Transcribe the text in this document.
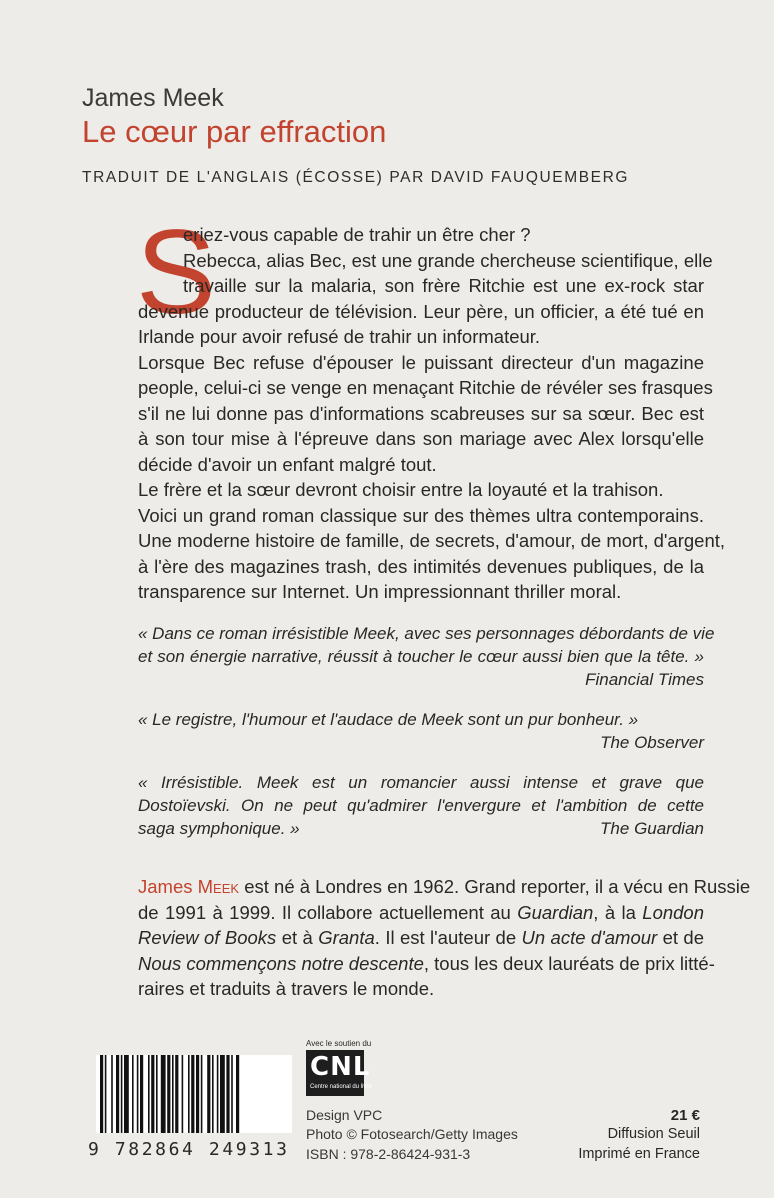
James Meek
Le cœur par effraction
TRADUIT DE L'ANGLAIS (ÉCOSSE) PAR DAVID FAUQUEMBERG
S
eriez-vous capable de trahir un être cher ?
Rebecca, alias Bec, est une grande chercheuse scientifique, elle
travaille sur la malaria, son frère Ritchie est une ex-rock star
devenue producteur de télévision. Leur père, un officier, a été tué en
Irlande pour avoir refusé de trahir un informateur.
Lorsque Bec refuse d'épouser le puissant directeur d'un magazine
people, celui-ci se venge en menaçant Ritchie de révéler ses frasques
s'il ne lui donne pas d'informations scabreuses sur sa sœur. Bec est
à son tour mise à l'épreuve dans son mariage avec Alex lorsqu'elle
décide d'avoir un enfant malgré tout.
Le frère et la sœur devront choisir entre la loyauté et la trahison.
Voici un grand roman classique sur des thèmes ultra contemporains.
Une moderne histoire de famille, de secrets, d'amour, de mort, d'argent,
à l'ère des magazines trash, des intimités devenues publiques, de la
transparence sur Internet. Un impressionnant thriller moral.
« Dans ce roman irrésistible Meek, avec ses personnages débordants de vie
et son énergie narrative, réussit à toucher le cœur aussi bien que la tête. »
Financial Times
« Le registre, l'humour et l'audace de Meek sont un pur bonheur. »
The Observer
« Irrésistible. Meek est un romancier aussi intense et grave que
Dostoïevski. On ne peut qu'admirer l'envergure et l'ambition de cette
saga symphonique. »	The Guardian
James Meek est né à Londres en 1962. Grand reporter, il a vécu en Russie
de 1991 à 1999. Il collabore actuellement au Guardian, à la London
Review of Books et à Granta. Il est l'auteur de Un acte d'amour et de
Nous commençons notre descente, tous les deux lauréats de prix litté-
raires et traduits à travers le monde.
9 782864 249313
Avec le soutien du
CNL
Centre national du livre
Design VPC
Photo © Fotosearch/Getty Images
ISBN : 978-2-86424-931-3
21 €
Diffusion Seuil
Imprimé en France
